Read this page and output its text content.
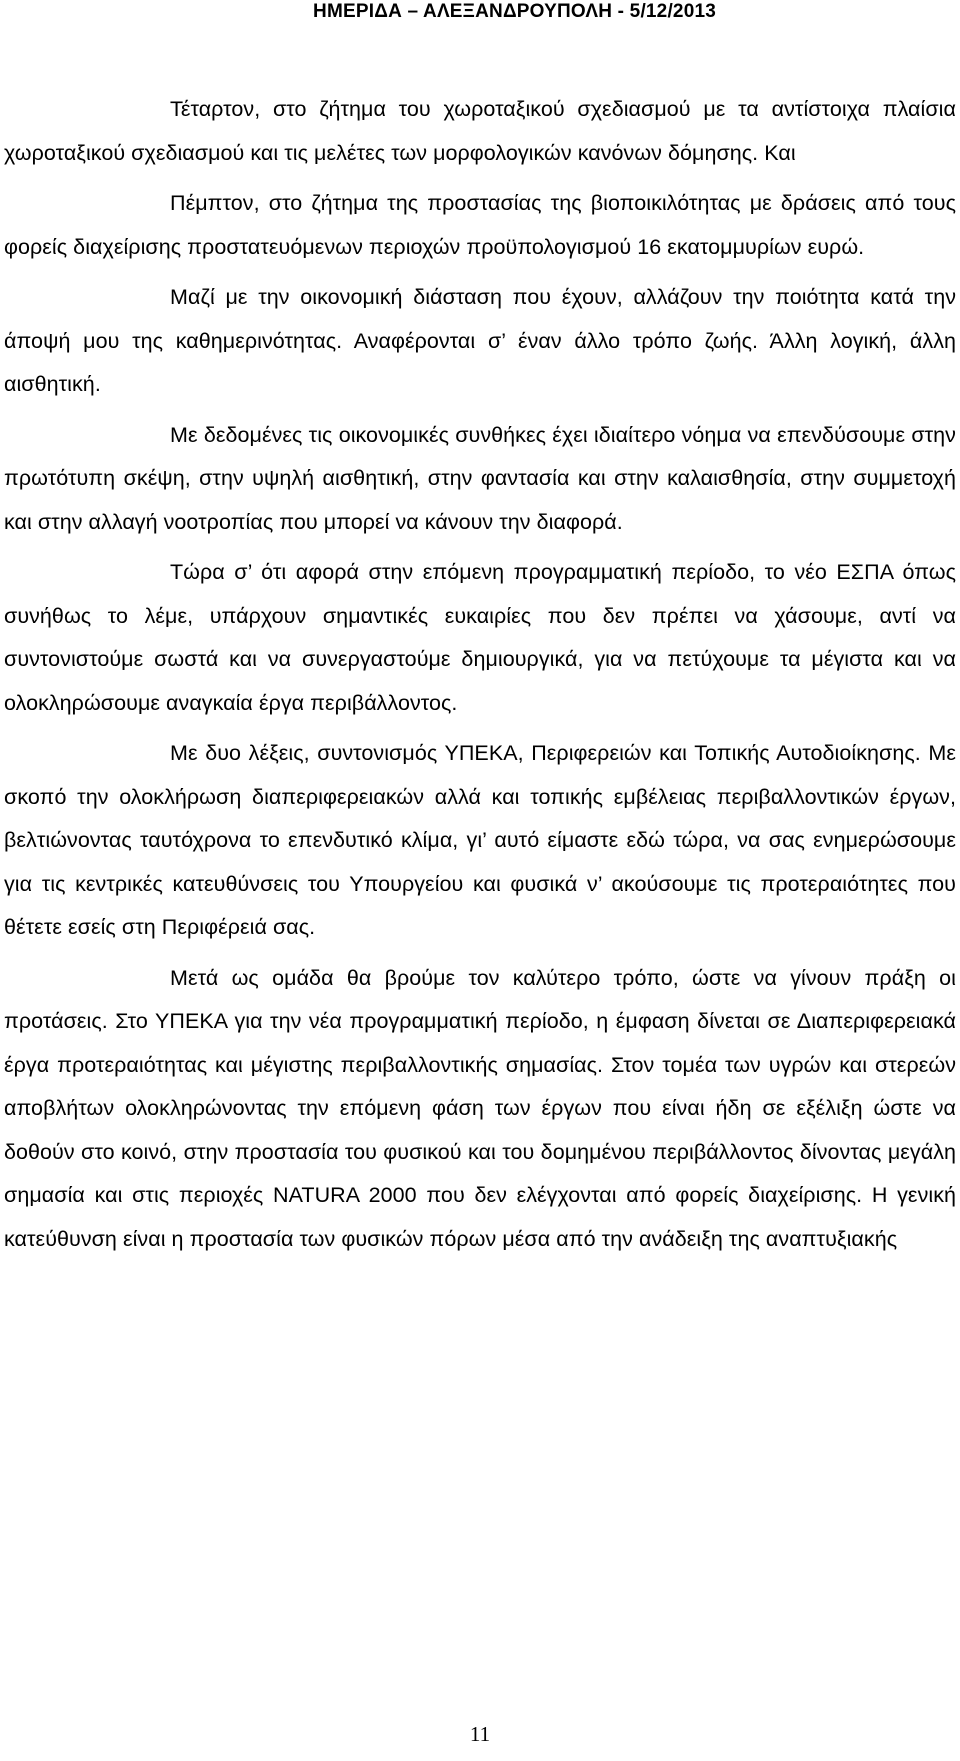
ΗΜΕΡΙΔΑ – ΑΛΕΞΑΝΔΡΟΥΠΟΛΗ - 5/12/2013

Τέταρτον, στο ζήτημα του χωροταξικού σχεδιασμού με τα αντίστοιχα πλαίσια χωροταξικού σχεδιασμού και τις μελέτες των μορφολογικών κανόνων δόμησης. Και

Πέμπτον, στο ζήτημα της προστασίας της βιοποικιλότητας με δράσεις από τους φορείς διαχείρισης προστατευόμενων περιοχών προϋπολογισμού 16 εκατομμυρίων ευρώ.

Μαζί με την οικονομική διάσταση που έχουν, αλλάζουν την ποιότητα κατά την άποψή μου της καθημερινότητας. Αναφέρονται σ’ έναν άλλο τρόπο ζωής. Άλλη λογική, άλλη αισθητική.

Με δεδομένες τις οικονομικές συνθήκες έχει ιδιαίτερο νόημα να επενδύσουμε στην πρωτότυπη σκέψη, στην υψηλή αισθητική, στην φαντασία και στην καλαισθησία, στην συμμετοχή και στην αλλαγή νοοτροπίας που μπορεί να κάνουν την διαφορά.

Τώρα σ’ ότι αφορά στην επόμενη προγραμματική περίοδο, το νέο ΕΣΠΑ όπως συνήθως το λέμε, υπάρχουν σημαντικές ευκαιρίες που δεν πρέπει να χάσουμε, αντί να συντονιστούμε σωστά και να συνεργαστούμε δημιουργικά, για να πετύχουμε τα μέγιστα και να ολοκληρώσουμε αναγκαία έργα περιβάλλοντος.

Με δυο λέξεις, συντονισμός ΥΠΕΚΑ, Περιφερειών και Τοπικής Αυτοδιοίκησης. Με σκοπό την ολοκλήρωση διαπεριφερειακών αλλά και τοπικής εμβέλειας περιβαλλοντικών έργων, βελτιώνοντας ταυτόχρονα το επενδυτικό κλίμα, γι’ αυτό είμαστε εδώ τώρα, να σας ενημερώσουμε για τις κεντρικές κατευθύνσεις του Υπουργείου και φυσικά ν’ ακούσουμε τις προτεραιότητες που θέτετε εσείς στη Περιφέρειά σας.

Μετά ως ομάδα θα βρούμε τον καλύτερο τρόπο, ώστε να γίνουν πράξη οι προτάσεις. Στο ΥΠΕΚΑ για την νέα προγραμματική περίοδο, η έμφαση δίνεται σε Διαπεριφερειακά έργα προτεραιότητας και μέγιστης περιβαλλοντικής σημασίας. Στον τομέα των υγρών και στερεών αποβλήτων ολοκληρώνοντας την επόμενη φάση των έργων που είναι ήδη σε εξέλιξη ώστε να δοθούν στο κοινό, στην προστασία του φυσικού και του δομημένου περιβάλλοντος δίνοντας μεγάλη σημασία και στις περιοχές NATURA 2000 που δεν ελέγχονται από φορείς διαχείρισης. Η γενική κατεύθυνση είναι η προστασία των φυσικών πόρων μέσα από την ανάδειξη της αναπτυξιακής

11
